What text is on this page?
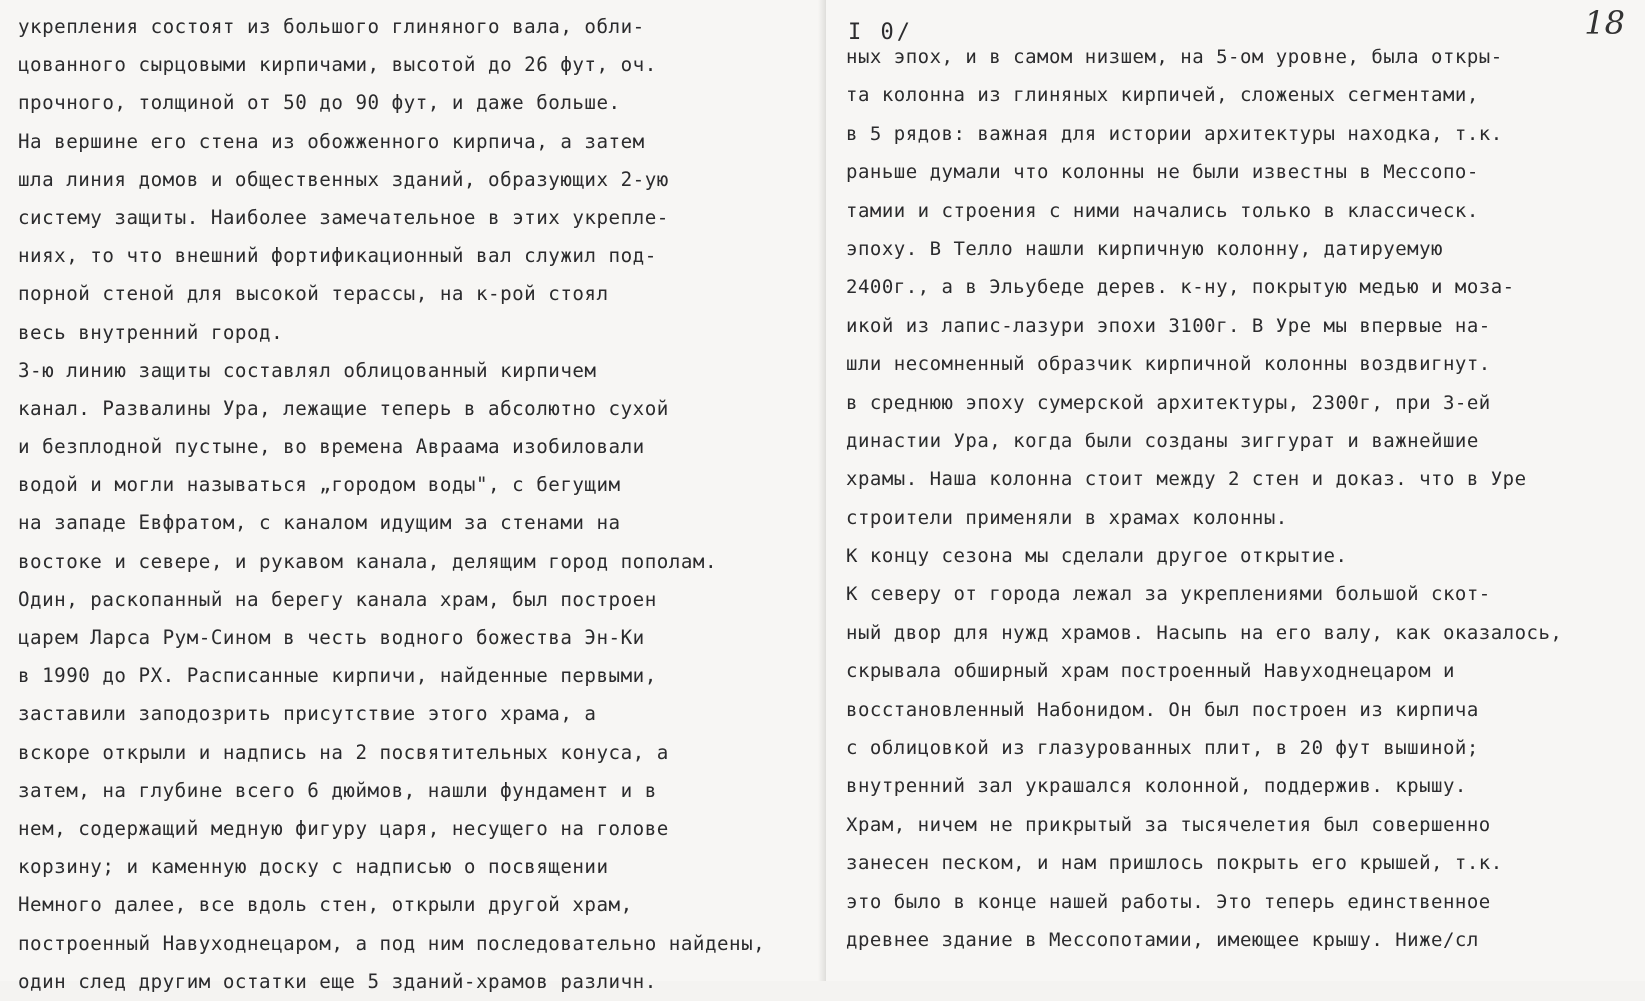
укрепления состоят из большого глиняного вала, обли-
цованного сырцовыми кирпичами, высотой до 26 фут, оч.
прочного, толщиной от 50 до 90 фут, и даже больше.
На вершине его стена из обожженного кирпича, а затем
шла линия домов и общественных зданий, образующих 2-ую
систему защиты. Наиболее замечательное в этих укрепле-
ниях, то что внешний фортификационный вал служил под-
порной стеной для высокой терассы, на к-рой стоял
весь внутренний город.
3-ю линию защиты составлял облицованный кирпичем
канал. Развалины Ура, лежащие теперь в абсолютно сухой
и безплодной пустыне, во времена Авраама изобиловали
водой и могли называться „городом воды", с бегущим
на западе Евфратом, с каналом идущим за стенами на
востоке и севере, и рукавом канала, делящим город пополам.
Один, раскопанный на берегу канала храм, был построен
царем Ларса Рум-Сином в честь водного божества Эн-Ки
в 1990 до РХ. Расписанные кирпичи, найденные первыми,
заставили заподозрить присутствие этого храма, а
вскоре открыли и надпись на 2 посвятительных конуса, а
затем, на глубине всего 6 дюймов, нашли фундамент и в
нем, содержащий медную фигуру царя, несущего на голове
корзину; и каменную доску с надписью о посвящении
Немного далее, все вдоль стен, открыли другой храм,
построенный Навуходнецаром, а под ним последовательно найдены,
один след другим остатки еще 5 зданий-храмов различн.
I 0/	18
ных эпох, и в самом низшем, на 5-ом уровне, была откры-
та колонна из глиняных кирпичей, сложеных сегментами,
в 5 рядов: важная для истории архитектуры находка, т.к.
раньше думали что колонны не были известны в Мессопо-
тамии и строения с ними начались только в классическ.
эпоху. В Телло нашли кирпичную колонну, датируемую
2400г., а в Эльубеде дерев. к-ну, покрытую медью и моза-
икой из лапис-лазури эпохи 3100г. В Уре мы впервые на-
шли несомненный образчик кирпичной колонны воздвигнут.
в среднюю эпоху сумерской архитектуры, 2300г, при 3-ей
династии Ура, когда были созданы зиггурат и важнейшие
храмы. Наша колонна стоит между 2 стен и доказ. что в Уре
строители применяли в храмах колонны.
К концу сезона мы сделали другое открытие.
К северу от города лежал за укреплениями большой скот-
ный двор для нужд храмов. Насыпь на его валу, как оказалось,
скрывала обширный храм построенный Навуходнецаром и
восстановленный Набонидом. Он был построен из кирпича
с облицовкой из глазурованных плит, в 20 фут вышиной;
внутренний зал украшался колонной, поддержив. крышу.
Храм, ничем не прикрытый за тысячелетия был совершенно
занесен песком, и нам пришлось покрыть его крышей, т.к.
это было в конце нашей работы. Это теперь единственное
древнее здание в Мессопотамии, имеющее крышу. Ниже/сл
